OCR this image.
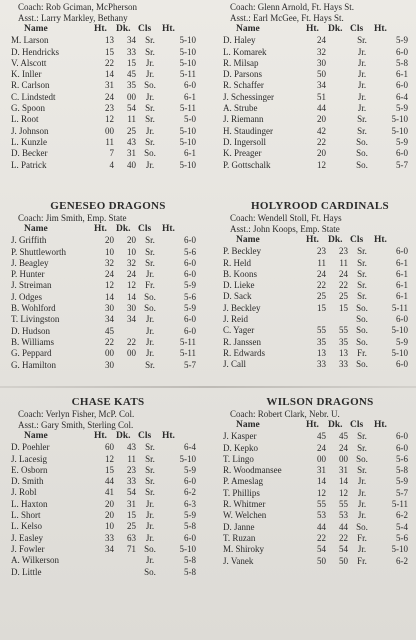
Coach: Rob Gciman, McPherson
Asst.: Larry Markley, Bethany
Name	Ht. Dk. Cls	Ht.
M. Larson	13	34	Sr.	5-10
D. Hendricks	15	33	Sr.	5-10
V. Alscott	22	15	Jr.	5-10
K. Inller	14	45	Jr.	5-11
R. Carlson	31	35 So.	6-0
C. Lindstedt	24	00	Jr.	6-1
G. Spoon	23	54	Sr.	5-11
L. Root	12	11	Sr.	5-0
J. Johnson	00	25	Jr.	5-10
L. Kunzle	11	43	Sr.	5-10
D. Becker	7	31 So.	6-1
L. Patrick	4	40	Jr.	5-10
Coach: Glenn Arnold, Ft. Hays St.
Asst.: Earl McGee, Ft. Hays St.
Name	Ht. Dk. Cls	Ht.
D. Haley	24	Sr.	5-9
L. Komarek	32	Jr.	6-0
R. Milsap	30	Jr.	5-8
D. Parsons	50	Jr.	6-1
R. Schaffer	34	Jr.	6-0
J. Schessinger	51	Jr.	6-4
A. Strube	44	Jr.	5-9
J. Riemann	20	Sr.	5-10
H. Staudinger	42	Sr.	5-10
D. Ingersoll	22	So.	5-9
K. Preager	20	So.	6-0
P. Gottschalk	12	So.	5-7
GENESEO DRAGONS
Coach: Jim Smith, Emp. State
Name	Ht. Dk. Cls	Ht.
J. Griffith	20	20	Sr.	6-0
P. Shuttleworth	10	10	Sr.	5-6
J. Beagley	32	32	Sr.	6-0
P. Hunter	24	24	Jr.	6-0
J. Streiman	12	12	Fr.	5-9
J. Odges	14	14 So.	5-6
B. Wohlford	30	30 So.	5-9
T. Livingston	34	34	Jr.	6-0
D. Hudson	45	Jr.	6-0
B. Williams	22	22	Jr.	5-11
G. Peppard	00	00	Jr.	5-11
G. Hamilton	30	Sr.	5-7
HOLYROOD CARDINALS
Coach: Wendell Stoll, Ft. Hays
Asst.: John Koops, Emp. State
Name	Ht. Dk. Cls	Ht.
P. Beckley	23	23	Sr.	6-0
R. Held	11	11	Sr.	6-1
B. Koons	24	24	Sr.	6-1
D. Lieke	22	22	Sr.	6-1
D. Sack	25	25	Sr.	6-1
J. Beckley	15	15 So.	5-11
J. Reid	So.	6-0
C. Yager	55	55 So.	5-10
R. Janssen	35	35 So.	5-9
R. Edwards	13	13	Fr.	5-10
J. Call	33	33 So.	6-0
CHASE KATS
Coach: Verlyn Fisher, McP. Col.
Asst.: Gary Smith, Sterling Col.
Name	Ht. Dk. Cls	Ht.
D. Poehler	60	43	Sr.	6-4
J. Lacesig	12	11	Sr.	5-10
E. Osborn	15	23	Sr.	5-9
D. Smith	44	33	Sr.	6-0
J. Robl	41	54	Sr.	6-2
L. Haxton	20	31	Jr.	6-3
L. Short	20	15	Jr.	5-9
L. Kelso	10	25	Jr.	5-8
J. Easley	33	63	Jr.	6-0
J. Fowler	34	71 So.	5-10
A. Wilkerson	Jr.	5-8
D. Little	So.	5-8
WILSON DRAGONS
Coach: Robert Clark, Nebr. U.
Name	Ht. Dk. Cls	Ht.
J. Kasper	45	45	Sr.	6-0
D. Kepko	24	24	Sr.	6-0
T. Lingo	00	00 So.	5-6
R. Woodmansee	31	31	Sr.	5-8
P. Ameslag	14	14	Jr.	5-9
T. Phillips	12	12	Jr.	5-7
R. Whitmer	55	55	Jr.	5-11
W. Welchen	53	53	Jr.	6-2
D. Janne	44	44 So.	5-4
T. Ruzan	22	22	Fr.	5-6
M. Shiroky	54	54	Jr.	5-10
J. Vanek	50	50	Fr.	6-2
